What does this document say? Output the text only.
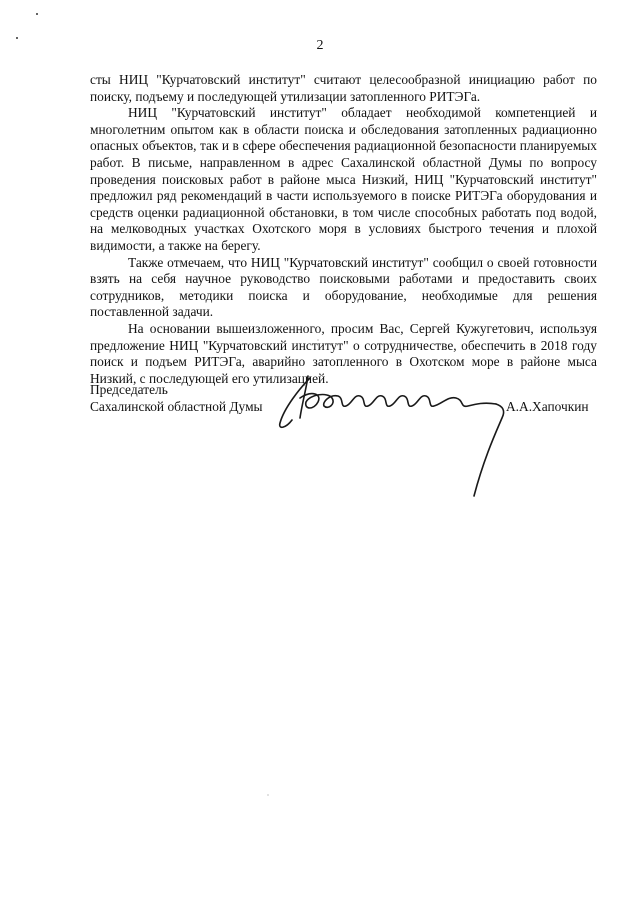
2

сты НИЦ "Курчатовский институт" считают целесообразной инициацию работ по поиску, подъему и последующей утилизации затопленного РИТЭГа.

НИЦ "Курчатовский институт" обладает необходимой компетенцией и многолетним опытом как в области поиска и обследования затопленных радиационно опасных объектов, так и в сфере обеспечения радиационной безопасности планируемых работ. В письме, направленном в адрес Сахалинской областной Думы по вопросу проведения поисковых работ в районе мыса Низкий, НИЦ "Курчатовский институт" предложил ряд рекомендаций в части используемого в поиске РИТЭГа оборудования и средств оценки радиационной обстановки, в том числе способных работать под водой, на мелководных участках Охотского моря в условиях быстрого течения и плохой видимости, а также на берегу.

Также отмечаем, что НИЦ "Курчатовский институт" сообщил о своей готовности взять на себя научное руководство поисковыми работами и предоставить своих сотрудников, методики поиска и оборудование, необходимые для решения поставленной задачи.

На основании вышеизложенного, просим Вас, Сергей Кужугетович, используя предложение НИЦ "Курчатовский институт" о сотрудничестве, обеспечить в 2018 году поиск и подъем РИТЭГа, аварийно затопленного в Охотском море в районе мыса Низкий, с последующей его утилизацией.

Председатель
Сахалинской областной Думы	А.А.Хапочкин
